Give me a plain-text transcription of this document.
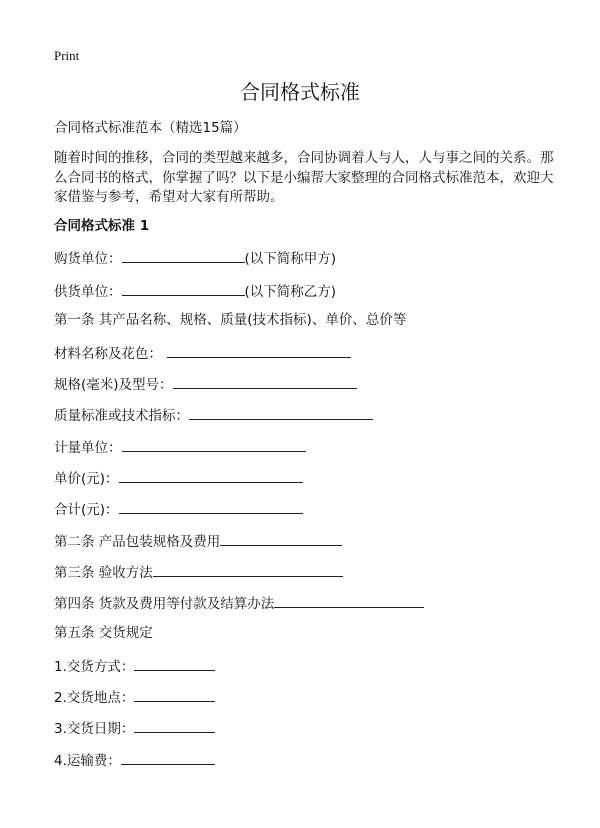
Print
合同格式标准
合同格式标准范本（精选15篇）
随着时间的推移，合同的类型越来越多，合同协调着人与人，人与事之间的关系。那么合同书的格式，你掌握了吗？以下是小编帮大家整理的合同格式标准范本，欢迎大家借鉴与参考，希望对大家有所帮助。
合同格式标准 1
购货单位：	(以下简称甲方)
供货单位：	(以下简称乙方)
第一条 其产品名称、规格、质量(技术指标)、单价、总价等
材料名称及花色：
规格(毫米)及型号：
质量标准或技术指标：
计量单位：
单价(元)：
合计(元)：
第二条 产品包装规格及费用
第三条 验收方法
第四条 货款及费用等付款及结算办法
第五条 交货规定
1.交货方式：
2.交货地点：
3.交货日期：
4.运输费：
